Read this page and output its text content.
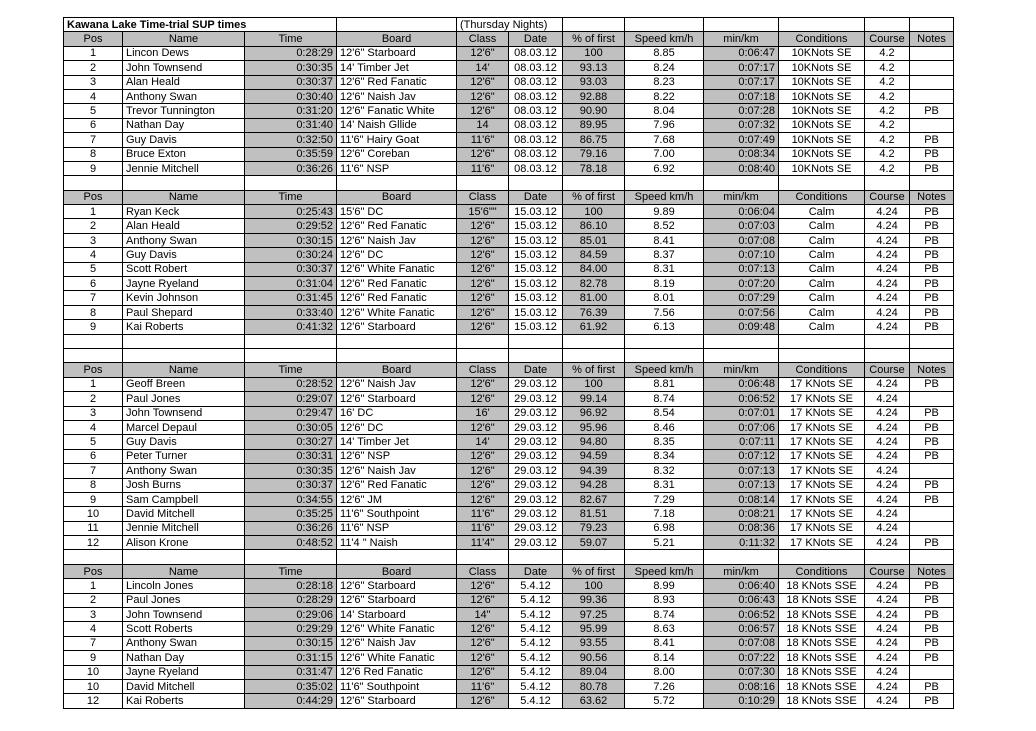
Kawana Lake Time-trial SUP times				(Thursday Nights)							
Pos	Name	Time	Board	Class	Date	% of first	Speed km/h	min/km	Conditions	Course	Notes
1	Lincon Dews	0:28:29	12'6" Starboard	12'6"	08.03.12	100	8.85	0:06:47	10KNots SE	4.2	
2	John Townsend	0:30:35	14' Timber Jet	14'	08.03.12	93.13	8.24	0:07:17	10KNots SE	4.2	
3	Alan Heald	0:30:37	12'6" Red Fanatic	12'6"	08.03.12	93.03	8.23	0:07:17	10KNots SE	4.2	
4	Anthony Swan	0:30:40	12'6" Naish Jav	12'6"	08.03.12	92.88	8.22	0:07:18	10KNots SE	4.2	
5	Trevor Tunnington	0:31:20	12'6" Fanatic White	12'6"	08.03.12	90.90	8.04	0:07:28	10KNots SE	4.2	PB
6	Nathan Day	0:31:40	14' Naish Gllide	14	08.03.12	89.95	7.96	0:07:32	10KNots SE	4.2	
7	Guy Davis	0:32:50	11'6" Hairy Goat	11'6"	08.03.12	86.75	7.68	0:07:49	10KNots SE	4.2	PB
8	Bruce Exton	0:35:59	12'6" Coreban	12'6"	08.03.12	79.16	7.00	0:08:34	10KNots SE	4.2	PB
9	Jennie Mitchell	0:36:26	11'6" NSP	11'6"	08.03.12	78.18	6.92	0:08:40	10KNots SE	4.2	PB

Pos	Name	Time	Board	Class	Date	% of first	Speed km/h	min/km	Conditions	Course	Notes
1	Ryan Keck	0:25:43	15'6" DC	15'6""	15.03.12	100	9.89	0:06:04	Calm	4.24	PB
2	Alan Heald	0:29:52	12'6" Red Fanatic	12'6"	15.03.12	86.10	8.52	0:07:03	Calm	4.24	PB
3	Anthony Swan	0:30:15	12'6" Naish Jav	12'6"	15.03.12	85.01	8.41	0:07:08	Calm	4.24	PB
4	Guy Davis	0:30:24	12'6" DC	12'6"	15.03.12	84.59	8.37	0:07:10	Calm	4.24	PB
5	Scott Robert	0:30:37	12'6" White Fanatic	12'6"	15.03.12	84.00	8.31	0:07:13	Calm	4.24	PB
6	Jayne Ryeland	0:31:04	12'6" Red Fanatic	12'6"	15.03.12	82.78	8.19	0:07:20	Calm	4.24	PB
7	Kevin Johnson	0:31:45	12'6" Red Fanatic	12'6"	15.03.12	81.00	8.01	0:07:29	Calm	4.24	PB
8	Paul Shepard	0:33:40	12'6" White Fanatic	12'6"	15.03.12	76.39	7.56	0:07:56	Calm	4.24	PB
9	Kai Roberts	0:41:32	12'6" Starboard	12'6"	15.03.12	61.92	6.13	0:09:48	Calm	4.24	PB

Pos	Name	Time	Board	Class	Date	% of first	Speed km/h	min/km	Conditions	Course	Notes
1	Geoff Breen	0:28:52	12'6" Naish Jav	12'6"	29.03.12	100	8.81	0:06:48	17 KNots SE	4.24	PB
2	Paul Jones	0:29:07	12'6" Starboard	12'6"	29.03.12	99.14	8.74	0:06:52	17 KNots SE	4.24	
3	John Townsend	0:29:47	16' DC	16'	29.03.12	96.92	8.54	0:07:01	17 KNots SE	4.24	PB
4	Marcel Depaul	0:30:05	12'6" DC	12'6"	29.03.12	95.96	8.46	0:07:06	17 KNots SE	4.24	PB
5	Guy Davis	0:30:27	14' Timber Jet	14'	29.03.12	94.80	8.35	0:07:11	17 KNots SE	4.24	PB
6	Peter Turner	0:30:31	12'6" NSP	12'6"	29.03.12	94.59	8.34	0:07:12	17 KNots SE	4.24	PB
7	Anthony Swan	0:30:35	12'6" Naish Jav	12'6"	29.03.12	94.39	8.32	0:07:13	17 KNots SE	4.24	
8	Josh Burns	0:30:37	12'6" Red Fanatic	12'6"	29.03.12	94.28	8.31	0:07:13	17 KNots SE	4.24	PB
9	Sam Campbell	0:34:55	12'6" JM	12'6"	29.03.12	82.67	7.29	0:08:14	17 KNots SE	4.24	PB
10	David Mitchell	0:35:25	11'6" Southpoint	11'6"	29.03.12	81.51	7.18	0:08:21	17 KNots SE	4.24	
11	Jennie Mitchell	0:36:26	11'6" NSP	11'6"	29.03.12	79.23	6.98	0:08:36	17 KNots SE	4.24	
12	Alison Krone	0:48:52	11'4 " Naish	11'4"	29.03.12	59.07	5.21	0:11:32	17 KNots SE	4.24	PB

Pos	Name	Time	Board	Class	Date	% of first	Speed km/h	min/km	Conditions	Course	Notes
1	Lincoln Jones	0:28:18	12'6" Starboard	12'6"	5.4.12	100	8.99	0:06:40	18 KNots SSE	4.24	PB
2	Paul Jones	0:28:29	12'6" Starboard	12'6"	5.4.12	99.36	8.93	0:06:43	18 KNots SSE	4.24	PB
3	John Townsend	0:29:06	14' Starboard	14"	5.4.12	97.25	8.74	0:06:52	18 KNots SSE	4.24	PB
4	Scott Roberts	0:29:29	12'6" White Fanatic	12'6"	5.4.12	95.99	8.63	0:06:57	18 KNots SSE	4.24	PB
7	Anthony Swan	0:30:15	12'6" Naish Jav	12'6"	5.4.12	93.55	8.41	0:07:08	18 KNots SSE	4.24	PB
9	Nathan Day	0:31:15	12'6" White Fanatic	12'6"	5.4.12	90.56	8.14	0:07:22	18 KNots SSE	4.24	PB
10	Jayne Ryeland	0:31:47	12'6 Red Fanatic	12'6"	5.4.12	89.04	8.00	0:07:30	18 KNots SSE	4.24	
10	David Mitchell	0:35:02	11'6" Southpoint	11'6"	5.4.12	80.78	7.26	0:08:16	18 KNots SSE	4.24	PB
12	Kai Roberts	0:44:29	12'6" Starboard	12'6"	5.4.12	63.62	5.72	0:10:29	18 KNots SSE	4.24	PB
